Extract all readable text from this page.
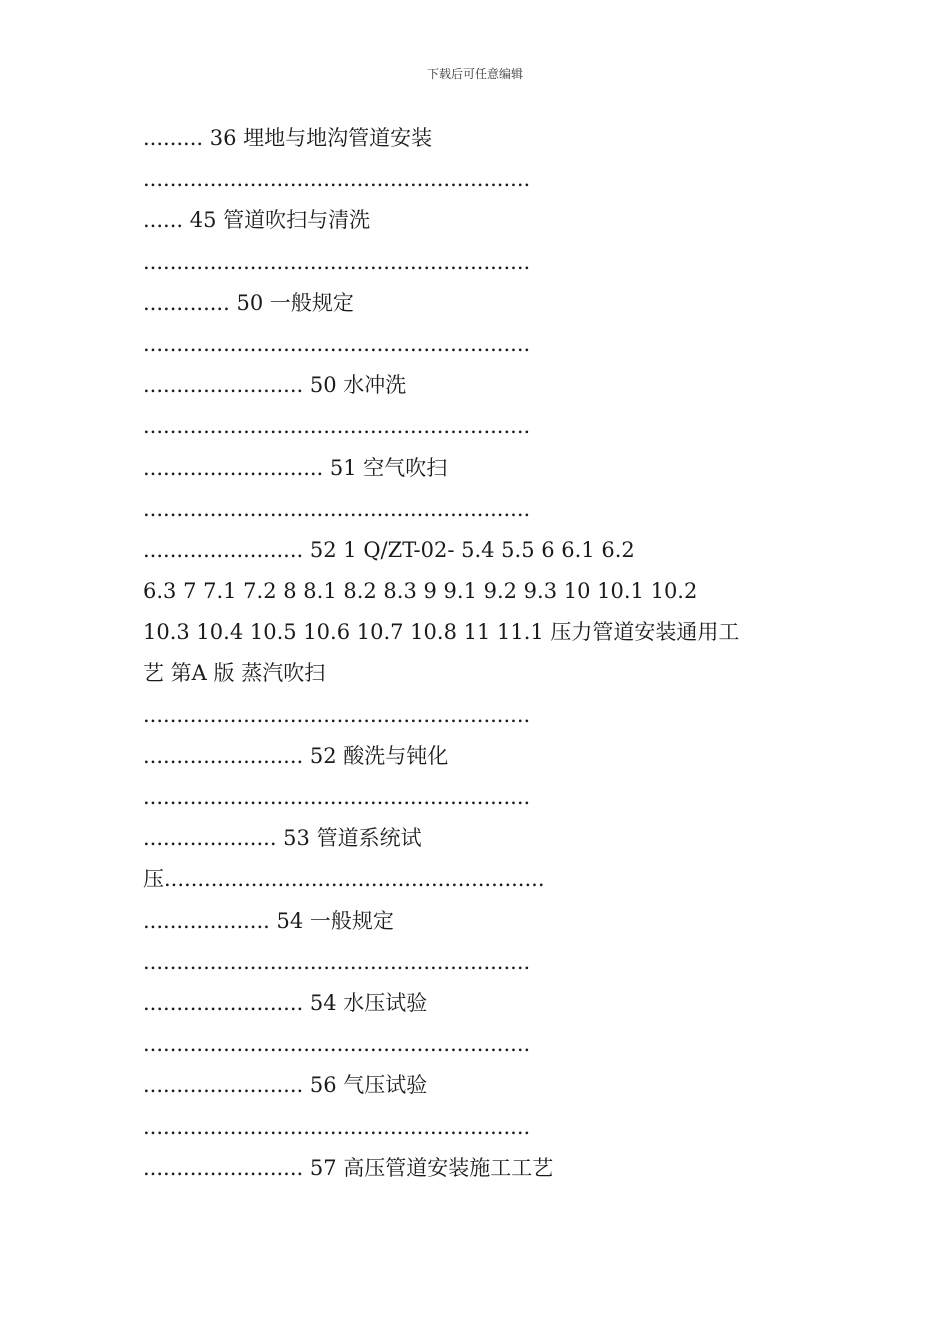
下载后可任意编辑
......... 36 埋地与地沟管道安装
..........................................................
...... 45 管道吹扫与清洗
..........................................................
............. 50 一般规定
..........................................................
........................ 50 水冲洗
..........................................................
........................... 51 空气吹扫
..........................................................
........................ 52 1 Q/ZT-02- 5.4 5.5 6 6.1 6.2
6.3 7 7.1 7.2 8 8.1 8.2 8.3 9 9.1 9.2 9.3 10 10.1 10.2
10.3 10.4 10.5 10.6 10.7 10.8 11 11.1 压力管道安装通用工
艺 第A 版 蒸汽吹扫
..........................................................
........................ 52 酸洗与钝化
..........................................................
.................... 53 管道系统试
压.........................................................
................... 54 一般规定
..........................................................
........................ 54 水压试验
..........................................................
........................ 56 气压试验
..........................................................
........................ 57 高压管道安装施工工艺
